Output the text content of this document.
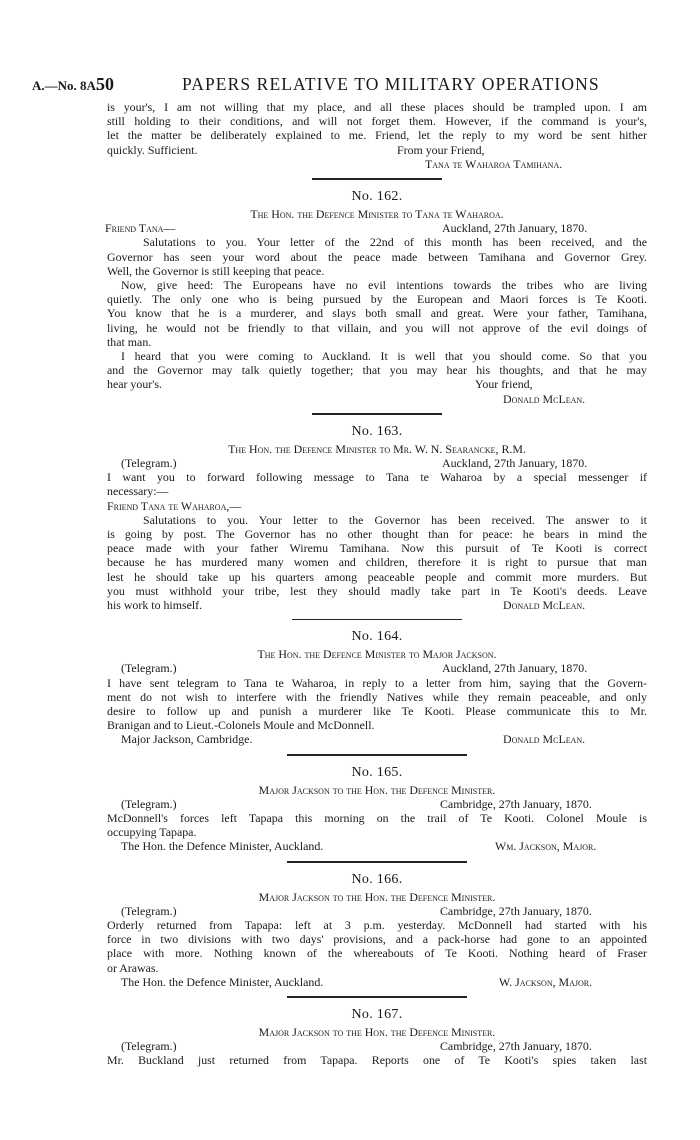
A.—No. 8A.
50	PAPERS RELATIVE TO MILITARY OPERATIONS

is your's, I am not willing that my place, and all these places should be trampled upon. I am

still holding to their conditions, and will not forget them. However, if the command is your's,

let the matter be deliberately explained to me. Friend, let the reply to my word be sent hither

quickly. Sufficient.	From your Friend,
Tana te Waharoa Tamihana.
No. 162.

The Hon. the Defence Minister to Tana te Waharoa.

Friend Tana—	Auckland, 27th January, 1870.

Salutations to you. Your letter of the 22nd of this month has been received, and the

Governor has seen your word about the peace made between Tamihana and Governor Grey.

Well, the Governor is still keeping that peace.

Now, give heed: The Europeans have no evil intentions towards the tribes who are living

quietly. The only one who is being pursued by the European and Maori forces is Te Kooti.

You know that he is a murderer, and slays both small and great. Were your father, Tamihana,

living, he would not be friendly to that villain, and you will not approve of the evil doings of

that man.

I heard that you were coming to Auckland. It is well that you should come. So that you

and the Governor may talk quietly together; that you may hear his thoughts, and that he may

hear your's.	Your friend,
Donald McLean.
No. 163.

The Hon. the Defence Minister to Mr. W. N. Searancke, R.M.

(Telegram.)	Auckland, 27th January, 1870.

I want you to forward following message to Tana te Waharoa by a special messenger if

necessary:—

Friend Tana te Waharoa,—

Salutations to you. Your letter to the Governor has been received. The answer to it

is going by post. The Governor has no other thought than for peace: he bears in mind the

peace made with your father Wiremu Tamihana. Now this pursuit of Te Kooti is correct

because he has murdered many women and children, therefore it is right to pursue that man

lest he should take up his quarters among peaceable people and commit more murders. But

you must withhold your tribe, lest they should madly take part in Te Kooti's deeds. Leave

his work to himself.	Donald McLean.
No. 164.

The Hon. the Defence Minister to Major Jackson.

(Telegram.)	Auckland, 27th January, 1870.

I have sent telegram to Tana te Waharoa, in reply to a letter from him, saying that the Govern-

ment do not wish to interfere with the friendly Natives while they remain peaceable, and only

desire to follow up and punish a murderer like Te Kooti. Please communicate this to Mr.

Branigan and to Lieut.-Colonels Moule and McDonnell.

Major Jackson, Cambridge.	Donald McLean.
No. 165.

Major Jackson to the Hon. the Defence Minister.

(Telegram.)	Cambridge, 27th January, 1870.

McDonnell's forces left Tapapa this morning on the trail of Te Kooti. Colonel Moule is

occupying Tapapa.

The Hon. the Defence Minister, Auckland.	Wm. Jackson, Major.
No. 166.

Major Jackson to the Hon. the Defence Minister.

(Telegram.)	Cambridge, 27th January, 1870.

Orderly returned from Tapapa: left at 3 p.m. yesterday. McDonnell had started with his

force in two divisions with two days' provisions, and a pack-horse had gone to an appointed

place with more. Nothing known of the whereabouts of Te Kooti. Nothing heard of Fraser

or Arawas.

The Hon. the Defence Minister, Auckland.	W. Jackson, Major.
No. 167.

Major Jackson to the Hon. the Defence Minister.

(Telegram.)	Cambridge, 27th January, 1870.

Mr. Buckland just returned from Tapapa. Reports one of Te Kooti's spies taken last
